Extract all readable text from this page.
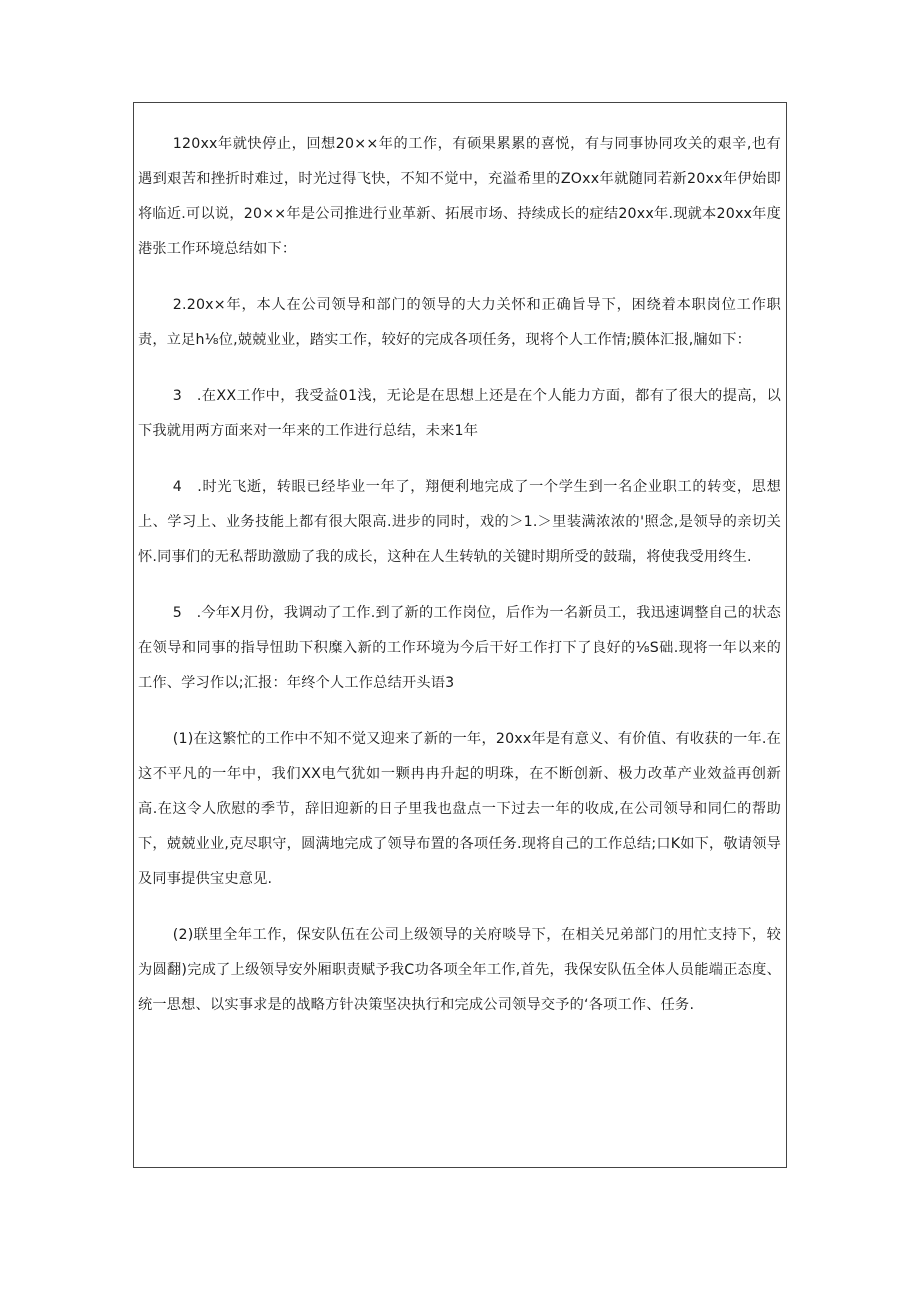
120xx年就快停止，回想20××年的工作，有硕果累累的喜悦，有与同事协同攻关的艰辛,也有遇到艰苦和挫折时难过，时光过得飞快，不知不觉中，充溢希里的ZOxx年就随同若新20xx年伊始即将临近.可以说，20××年是公司推进行业革新、拓展市场、持续成长的症结20xx年.现就本20xx年度港张工作环境总结如下：

2.20x×年，本人在公司领导和部门的领导的大力关怀和正确旨导下，困绕着本职岗位工作职责，立足h⅛位,兢兢业业，踏实工作，较好的完成各项任务，现将个人工作情;膜体汇报,牖如下：

3　.在XX工作中，我受益01浅，无论是在思想上还是在个人能力方面，都有了很大的提高，以下我就用两方面来对一年来的工作进行总结，未来1年

4　.时光飞逝，转眼已经毕业一年了，翔便利地完成了一个学生到一名企业职工的转变，思想上、学习上、业务技能上都有很大限高.进步的同时，戏的＞1.＞里装满浓浓的'照念,是领导的亲切关怀.同事们的无私帮助激励了我的成长，这种在人生转轨的关键时期所受的鼓瑞，将使我受用终生.

5　.今年X月份，我调动了工作.到了新的工作岗位，后作为一名新员工，我迅速调整自己的状态在领导和同事的指导忸助下积糜入新的工作环境为今后干好工作打下了良好的⅛S础.现将一年以来的工作、学习作以;汇报：年终个人工作总结开头语3

(1)在这繁忙的工作中不知不觉又迎来了新的一年，20xx年是有意义、有价值、有收获的一年.在这不平凡的一年中，我们XX电气犹如一颗冉冉升起的明珠，在不断创新、极力改革产业效益再创新高.在这令人欣慰的季节，辞旧迎新的日子里我也盘点一下过去一年的收成,在公司领导和同仁的帮助下，兢兢业业,克尽职守，圆满地完成了领导布置的各项任务.现将自己的工作总结;口K如下，敬请领导及同事提供宝史意见.

(2)联里全年工作，保安队伍在公司上级领导的关府啖导下，在相关兄弟部门的用忙支持下，较为圆翻)完成了上级领导安外厢职责赋予我C功各项全年工作,首先，我保安队伍全体人员能端正态度、统一思想、以实事求是的战略方针决策坚决执行和完成公司领导交予的‘各项工作、任务.
